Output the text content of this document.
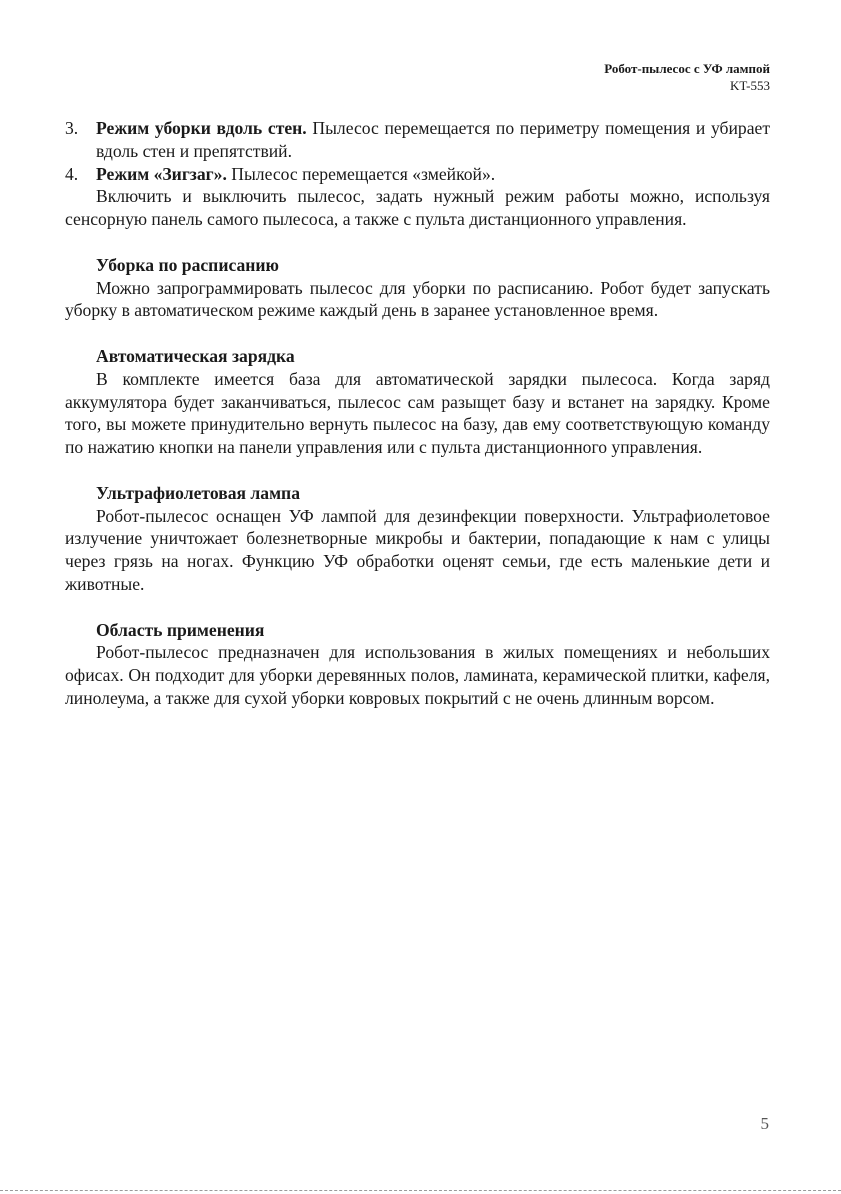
Робот-пылесос с УФ лампой
KT-553

3. Режим уборки вдоль стен. Пылесос перемещается по периметру помещения и убирает вдоль стен и препятствий.

4. Режим «Зигзаг». Пылесос перемещается «змейкой».

Включить и выключить пылесос, задать нужный режим работы можно, используя сенсорную панель самого пылесоса, а также с пульта дистанционного управления.

Уборка по расписанию

Можно запрограммировать пылесос для уборки по расписанию. Робот будет запускать уборку в автоматическом режиме каждый день в заранее установленное время.

Автоматическая зарядка

В комплекте имеется база для автоматической зарядки пылесоса. Когда заряд аккумулятора будет заканчиваться, пылесос сам разыщет базу и встанет на зарядку. Кроме того, вы можете принудительно вернуть пылесос на базу, дав ему соответствующую команду по нажатию кнопки на панели управления или с пульта дистанционного управления.

Ультрафиолетовая лампа

Робот-пылесос оснащен УФ лампой для дезинфекции поверхности. Ультрафиолетовое излучение уничтожает болезнетворные микробы и бактерии, попадающие к нам с улицы через грязь на ногах. Функцию УФ обработки оценят семьи, где есть маленькие дети и животные.

Область применения

Робот-пылесос предназначен для использования в жилых помещениях и небольших офисах. Он подходит для уборки деревянных полов, ламината, керамической плитки, кафеля, линолеума, а также для сухой уборки ковровых покрытий с не очень длинным ворсом.

5
